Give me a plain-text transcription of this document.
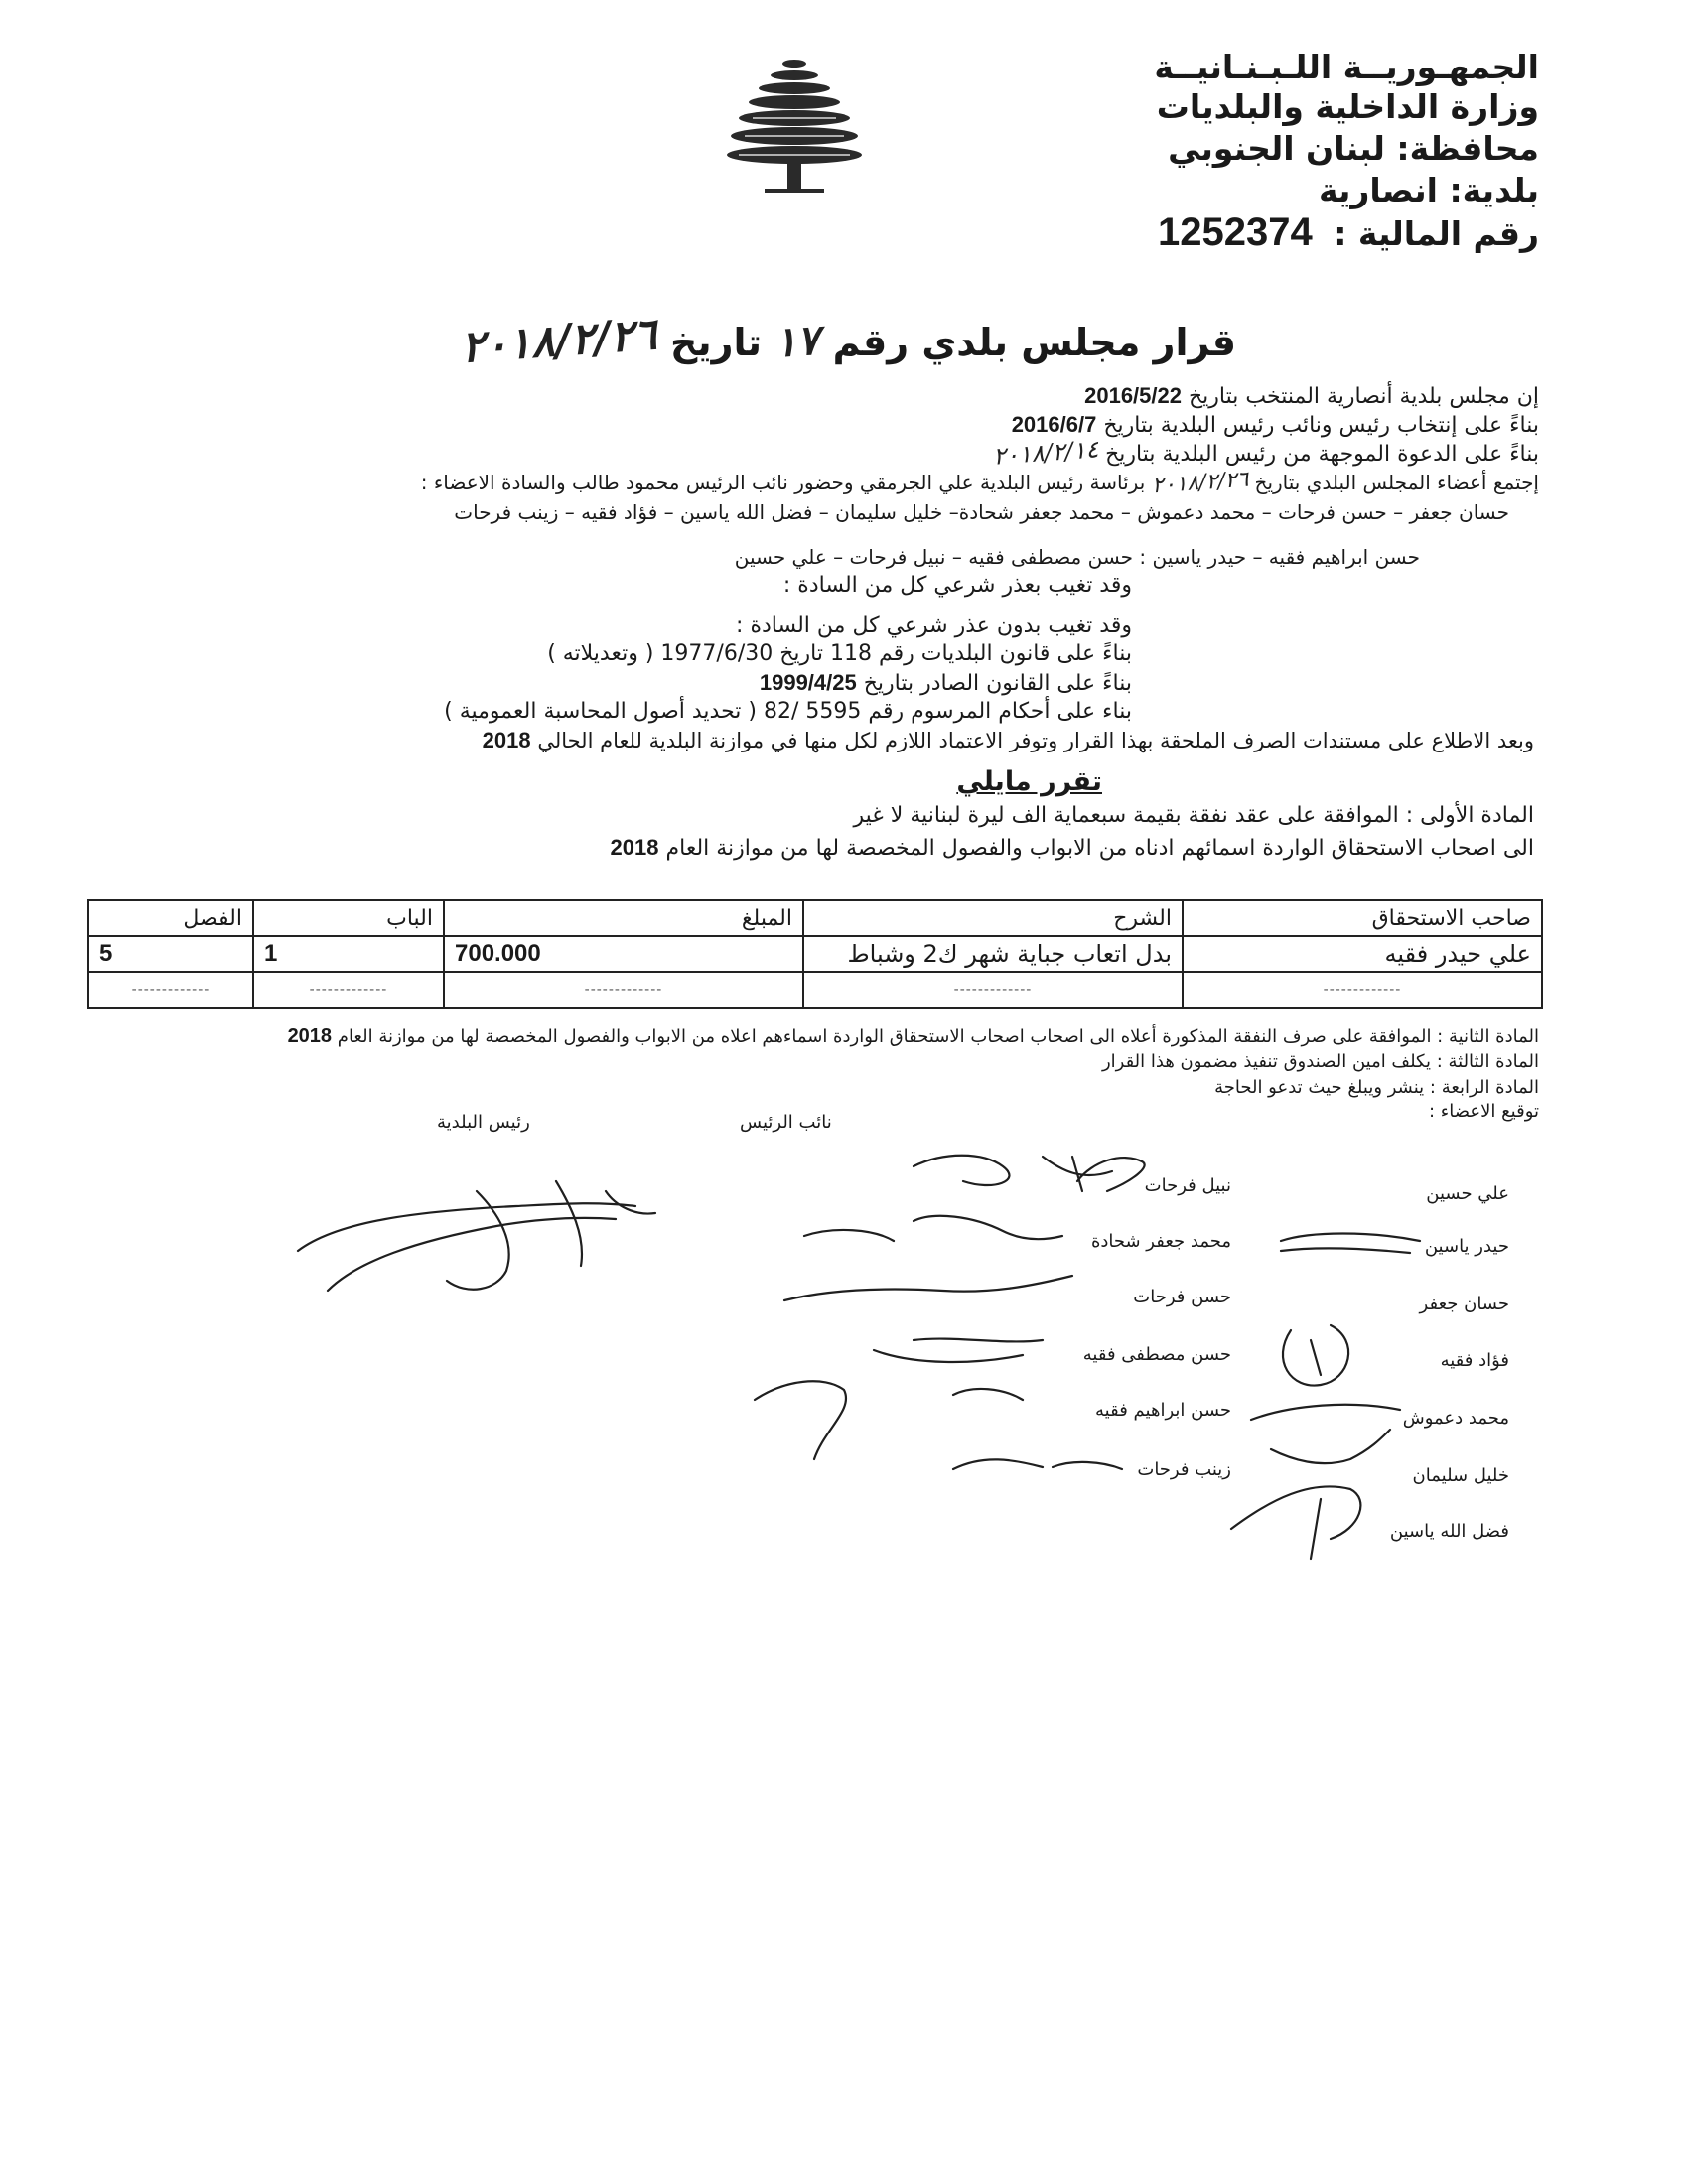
الجمهـوريــة اللـبـنـانيــة
وزارة الداخلية والبلديات
محافظة: لبنان الجنوبي
بلدية: انصارية
رقم المالية : 1252374
قرار مجلس بلدي رقم ١٧ تاريخ ٢٠١٨/٢/٢٦
إن مجلس بلدية أنصارية المنتخب بتاريخ 2016/5/22
بناءً على إنتخاب رئيس ونائب رئيس البلدية بتاريخ 2016/6/7
بناءً على الدعوة الموجهة من رئيس البلدية بتاريخ ٢٠١٨/٢/١٤
إجتمع أعضاء المجلس البلدي بتاريخ ٢٠١٨/٢/٢٦ برئاسة رئيس البلدية علي الجرمقي وحضور نائب الرئيس محمود طالب والسادة الاعضاء :
حسان جعفر – حسن فرحات – محمد دعموش – محمد جعفر شحادة– خليل سليمان – فضل الله ياسين – فؤاد فقيه – زينب فرحات
حسن ابراهيم فقيه – حيدر ياسين : حسن مصطفى فقيه – نبيل فرحات – علي حسين
وقد تغيب بعذر شرعي كل من السادة :
وقد تغيب بدون عذر شرعي كل من السادة :
بناءً على قانون البلديات رقم 118 تاريخ 1977/6/30 ( وتعديلاته )
بناءً على القانون الصادر بتاريخ 1999/4/25
بناء على أحكام المرسوم رقم 5595 /82 ( تحديد أصول المحاسبة العمومية )
وبعد الاطلاع على مستندات الصرف الملحقة بهذا القرار وتوفر الاعتماد اللازم لكل منها في موازنة البلدية للعام الحالي 2018
تقرر مايلي
المادة الأولى : الموافقة على عقد نفقة بقيمة سبعماية الف ليرة لبنانية لا غير
الى اصحاب الاستحقاق الواردة اسمائهم ادناه من الابواب والفصول المخصصة لها من موازنة العام 2018
صاحب الاستحقاق	الشرح	المبلغ	الباب	الفصل
علي حيدر فقيه	بدل اتعاب جباية شهر ك2 وشباط	700.000	1	5
-------------	-------------	-------------	-------------	-------------
المادة الثانية : الموافقة على صرف النفقة المذكورة أعلاه الى اصحاب اصحاب الاستحقاق الواردة اسماءهم اعلاه من الابواب والفصول المخصصة لها من موازنة العام 2018
المادة الثالثة : يكلف امين الصندوق تنفيذ مضمون هذا القرار
المادة الرابعة : ينشر ويبلغ حيث تدعو الحاجة
توقيع الاعضاء :
رئيس البلدية	نائب الرئيس
علي حسين
حيدر ياسين
حسان جعفر
فؤاد فقيه
محمد دعموش
خليل سليمان
فضل الله ياسين
نبيل فرحات
محمد جعفر شحادة
حسن فرحات
حسن مصطفى فقيه
حسن ابراهيم فقيه
زينب فرحات
